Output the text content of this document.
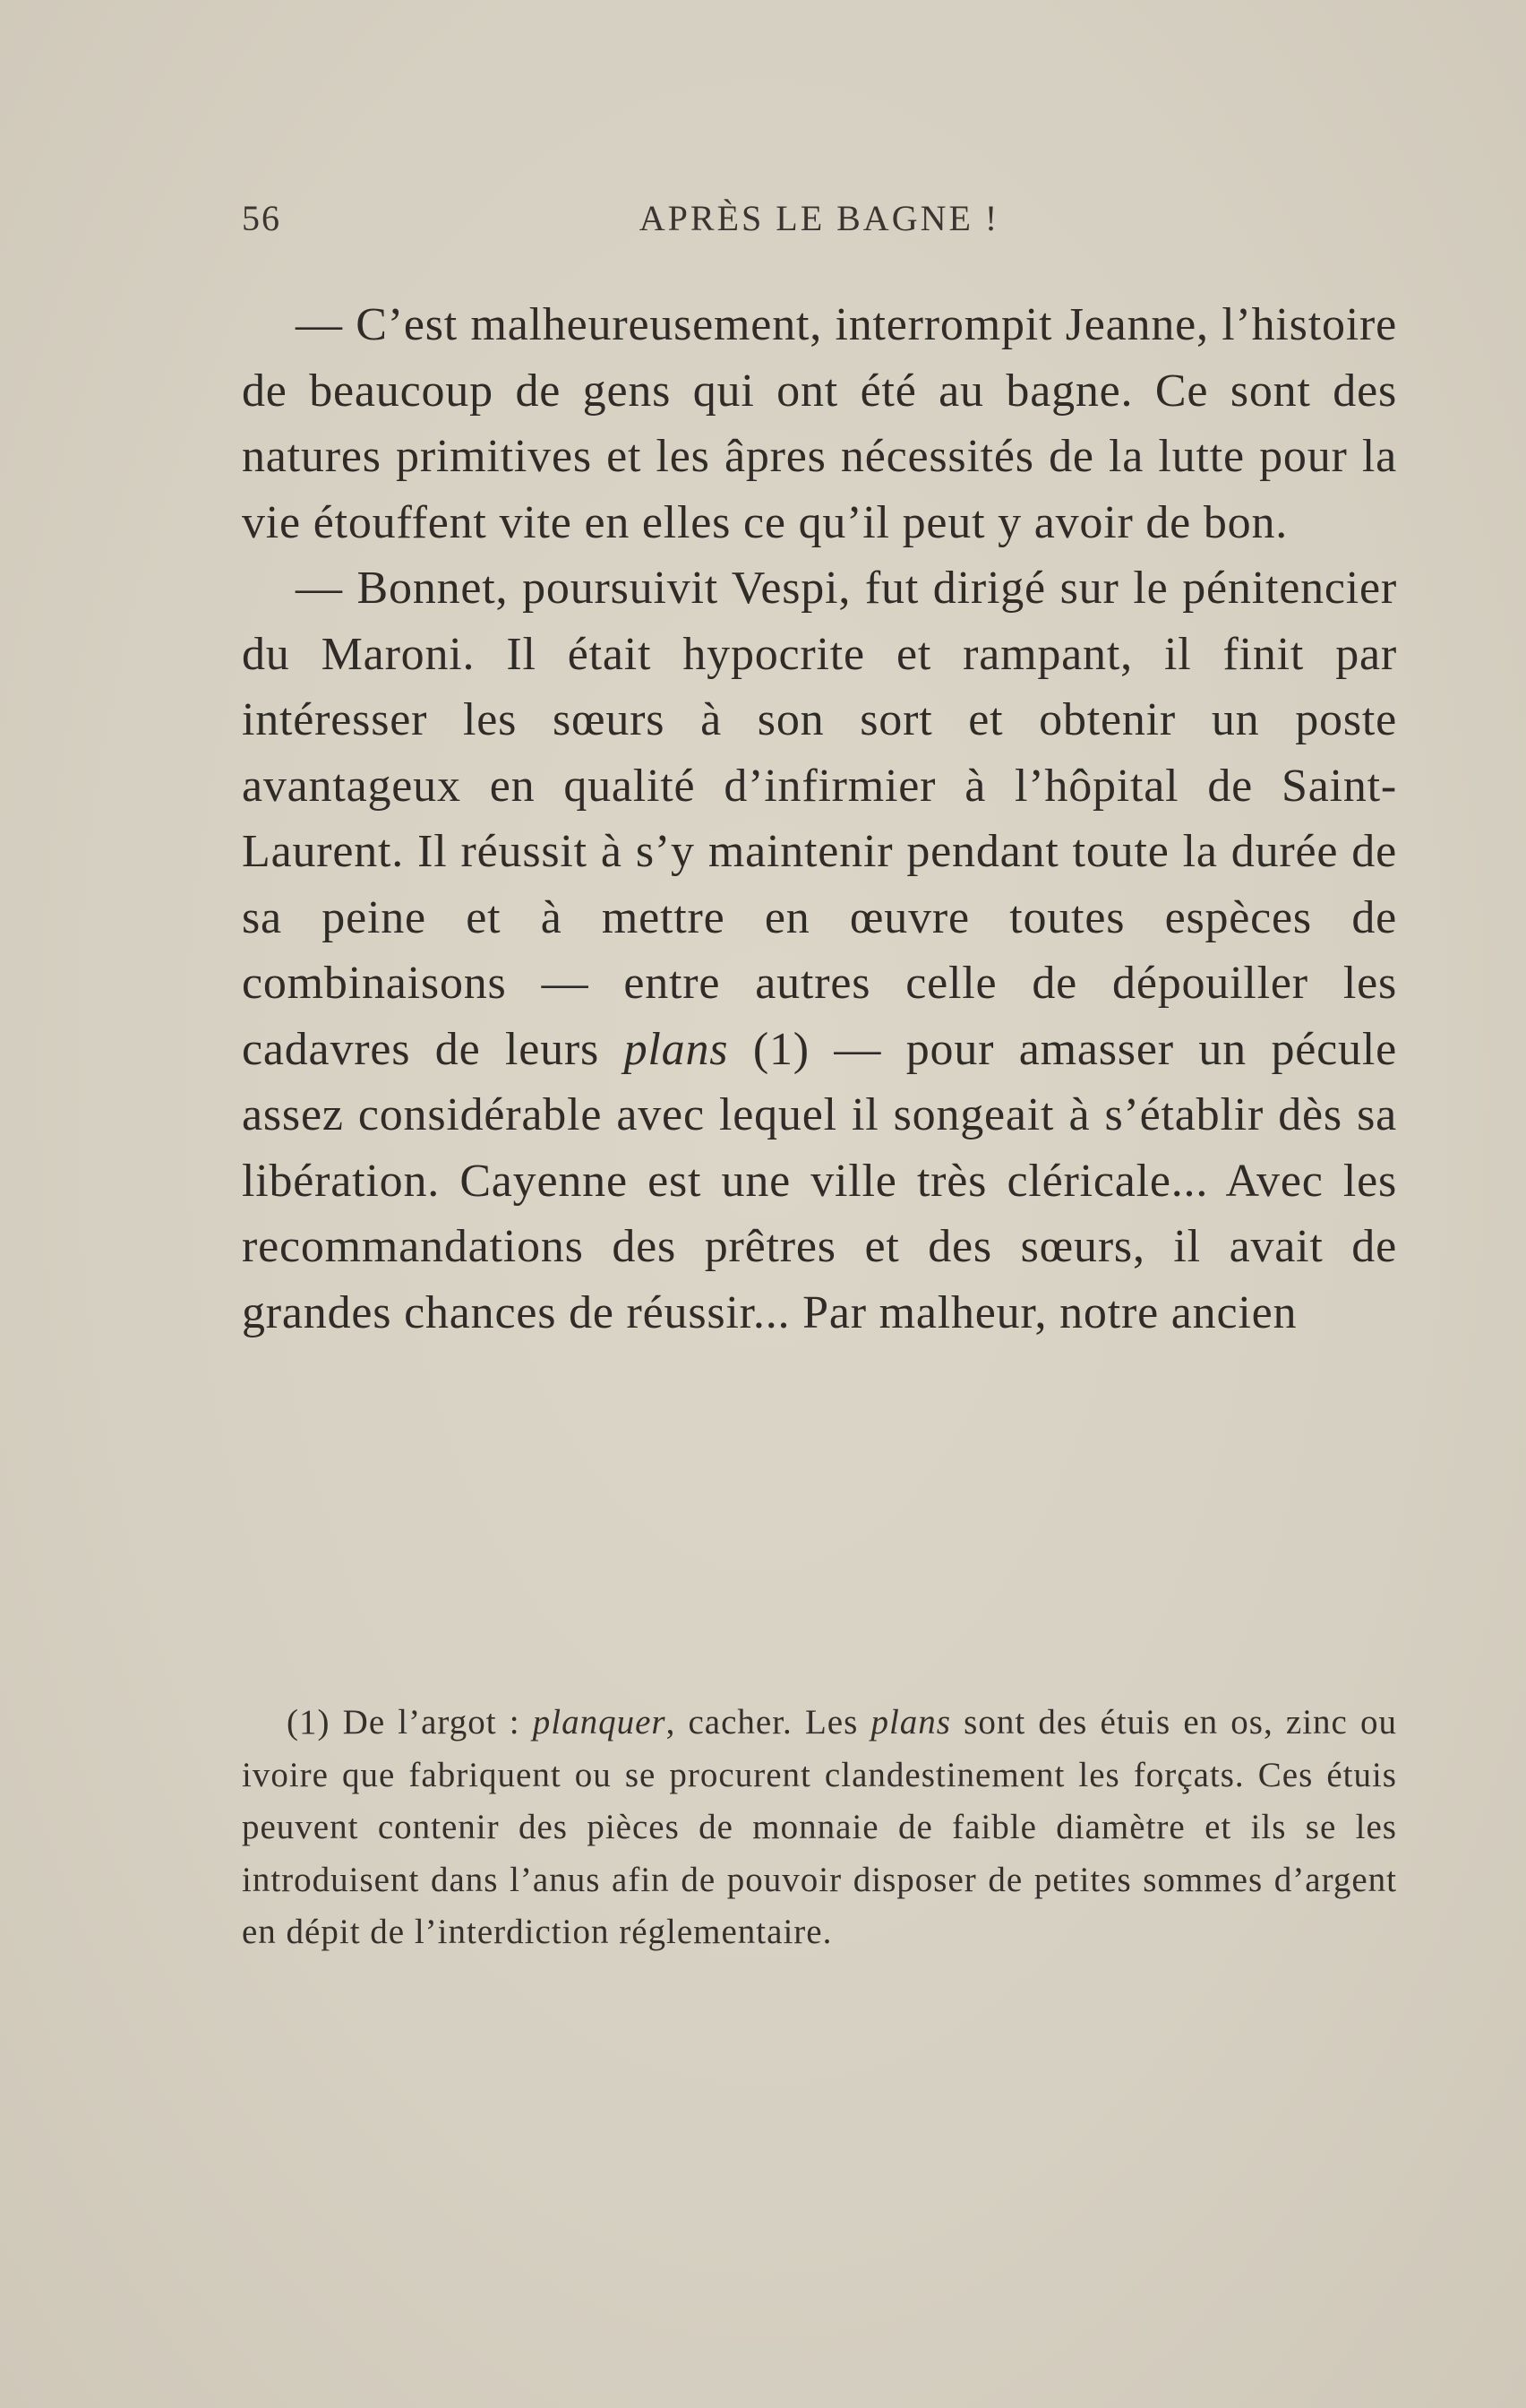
56	APRÈS LE BAGNE !

— C’est malheureusement, interrompit Jeanne, l’histoire de beaucoup de gens qui ont été au bagne. Ce sont des natures primitives et les âpres nécessités de la lutte pour la vie étouffent vite en elles ce qu’il peut y avoir de bon.

— Bonnet, poursuivit Vespi, fut dirigé sur le pénitencier du Maroni. Il était hypocrite et rampant, il finit par intéresser les sœurs à son sort et obtenir un poste avantageux en qualité d’infirmier à l’hôpital de Saint-Laurent. Il réussit à s’y maintenir pendant toute la durée de sa peine et à mettre en œuvre toutes espèces de combinaisons — entre autres celle de dépouiller les cadavres de leurs plans (1) — pour amasser un pécule assez considérable avec lequel il songeait à s’établir dès sa libération. Cayenne est une ville très cléricale... Avec les recommandations des prêtres et des sœurs, il avait de grandes chances de réussir... Par malheur, notre ancien

(1) De l’argot : planquer, cacher. Les plans sont des étuis en os, zinc ou ivoire que fabriquent ou se procurent clandestinement les forçats. Ces étuis peuvent contenir des pièces de monnaie de faible diamètre et ils se les introduisent dans l’anus afin de pouvoir disposer de petites sommes d’argent en dépit de l’interdiction réglementaire.
